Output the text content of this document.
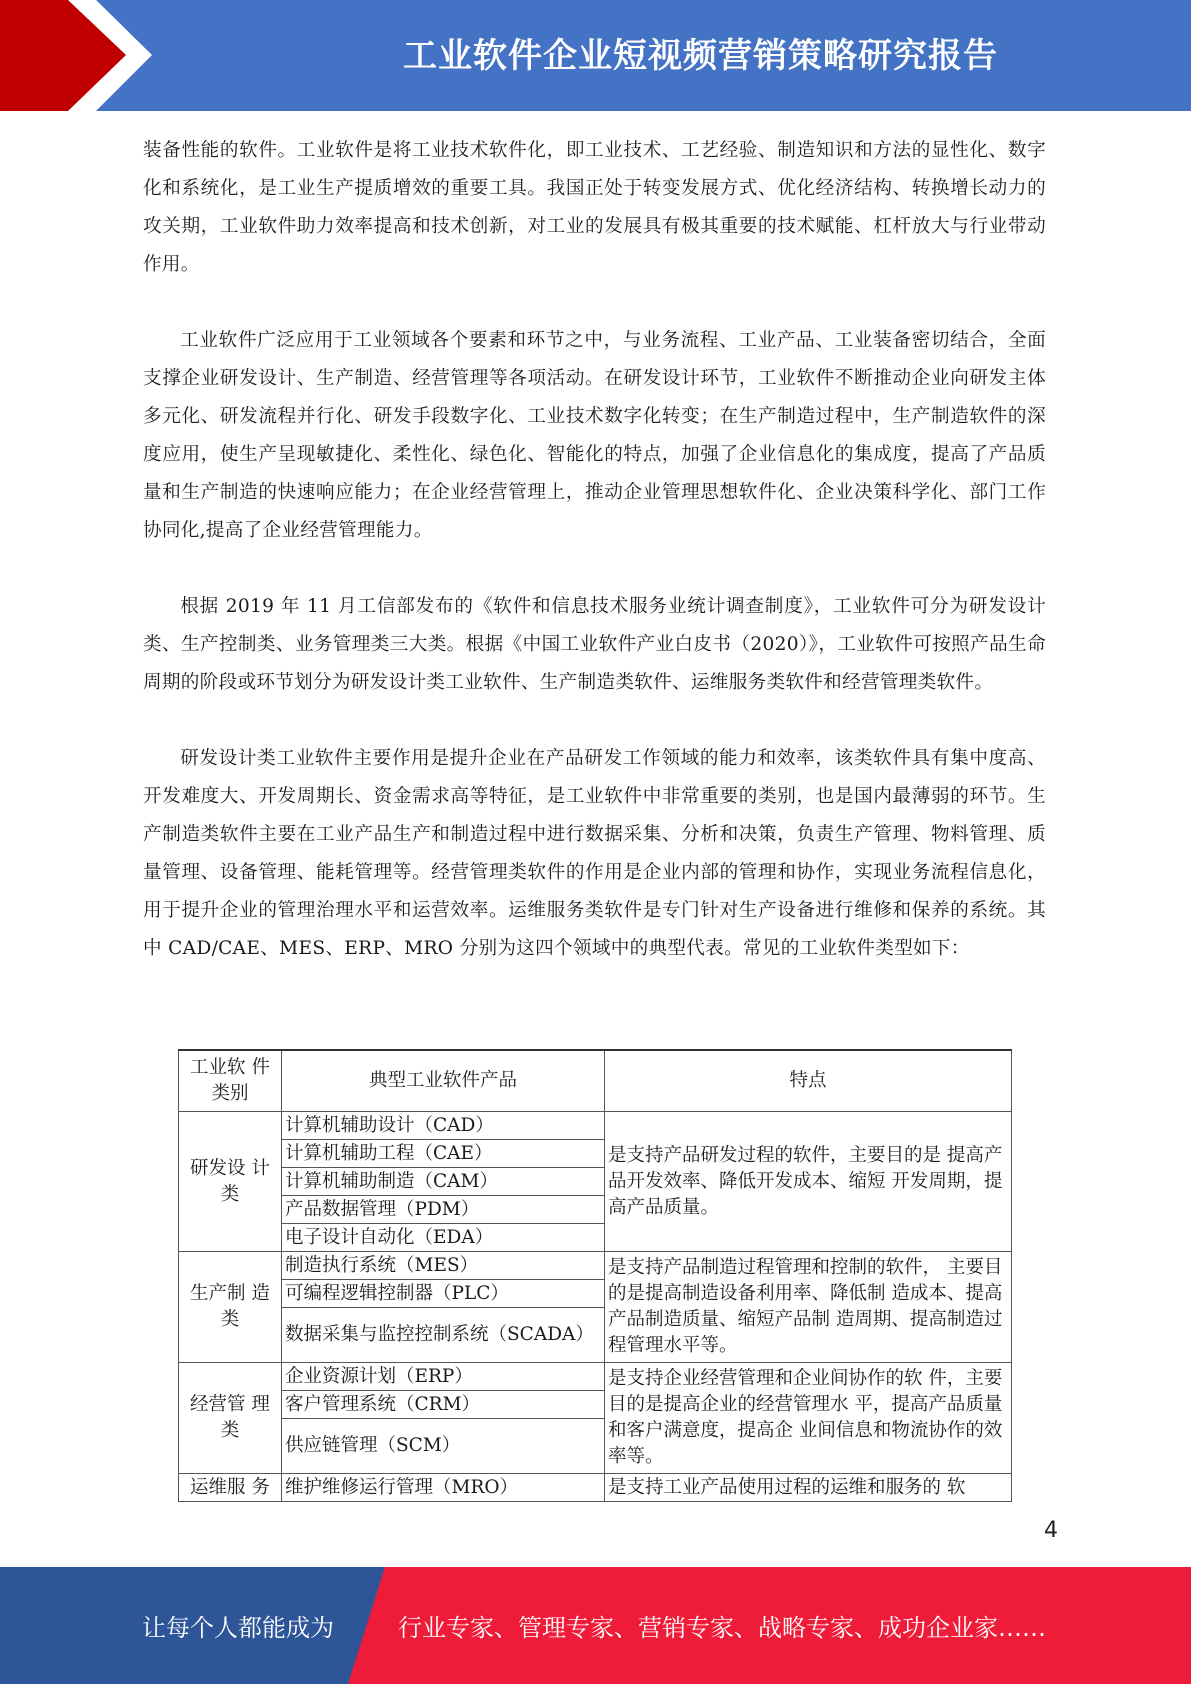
工业软件企业短视频营销策略研究报告

装备性能的软件。工业软件是将工业技术软件化，即工业技术、工艺经验、制造知识和方法的显性化、数字化和系统化，是工业生产提质增效的重要工具。我国正处于转变发展方式、优化经济结构、转换增长动力的攻关期，工业软件助力效率提高和技术创新，对工业的发展具有极其重要的技术赋能、杠杆放大与行业带动作用。

工业软件广泛应用于工业领域各个要素和环节之中，与业务流程、工业产品、工业装备密切结合，全面支撑企业研发设计、生产制造、经营管理等各项活动。在研发设计环节，工业软件不断推动企业向研发主体多元化、研发流程并行化、研发手段数字化、工业技术数字化转变；在生产制造过程中，生产制造软件的深度应用，使生产呈现敏捷化、柔性化、绿色化、智能化的特点，加强了企业信息化的集成度，提高了产品质量和生产制造的快速响应能力；在企业经营管理上，推动企业管理思想软件化、企业决策科学化、部门工作协同化,提高了企业经营管理能力。

根据 2019 年 11 月工信部发布的《软件和信息技术服务业统计调查制度》，工业软件可分为研发设计类、生产控制类、业务管理类三大类。根据《中国工业软件产业白皮书（2020）》，工业软件可按照产品生命周期的阶段或环节划分为研发设计类工业软件、生产制造类软件、运维服务类软件和经营管理类软件。

研发设计类工业软件主要作用是提升企业在产品研发工作领域的能力和效率，该类软件具有集中度高、开发难度大、开发周期长、资金需求高等特征，是工业软件中非常重要的类别，也是国内最薄弱的环节。生产制造类软件主要在工业产品生产和制造过程中进行数据采集、分析和决策，负责生产管理、物料管理、质量管理、设备管理、能耗管理等。经营管理类软件的作用是企业内部的管理和协作，实现业务流程信息化，用于提升企业的管理治理水平和运营效率。运维服务类软件是专门针对生产设备进行维修和保养的系统。其中 CAD/CAE、MES、ERP、MRO 分别为这四个领域中的典型代表。常见的工业软件类型如下：

工业软 件类别	典型工业软件产品	特点
研发设 计类	计算机辅助设计（CAD）	是支持产品研发过程的软件，主要目的是 提高产品开发效率、降低开发成本、缩短 开发周期，提高产品质量。
	计算机辅助工程（CAE）	
	计算机辅助制造（CAM）	
	产品数据管理（PDM）	
	电子设计自动化（EDA）	
生产制 造类	制造执行系统（MES）	是支持产品制造过程管理和控制的软件， 主要目的是提高制造设备利用率、降低制 造成本、提高产品制造质量、缩短产品制 造周期、提高制造过程管理水平等。
	可编程逻辑控制器（PLC）	
	数据采集与监控控制系统（SCADA）	
经营管 理类	企业资源计划（ERP）	是支持企业经营管理和企业间协作的软 件，主要目的是提高企业的经营管理水 平，提高产品质量和客户满意度，提高企 业间信息和物流协作的效率等。
	客户管理系统（CRM）	
	供应链管理（SCM）	
运维服 务	维护维修运行管理（MRO）	是支持工业产品使用过程的运维和服务的 软
4
让每个人都能成为	行业专家、管理专家、营销专家、战略专家、成功企业家……
